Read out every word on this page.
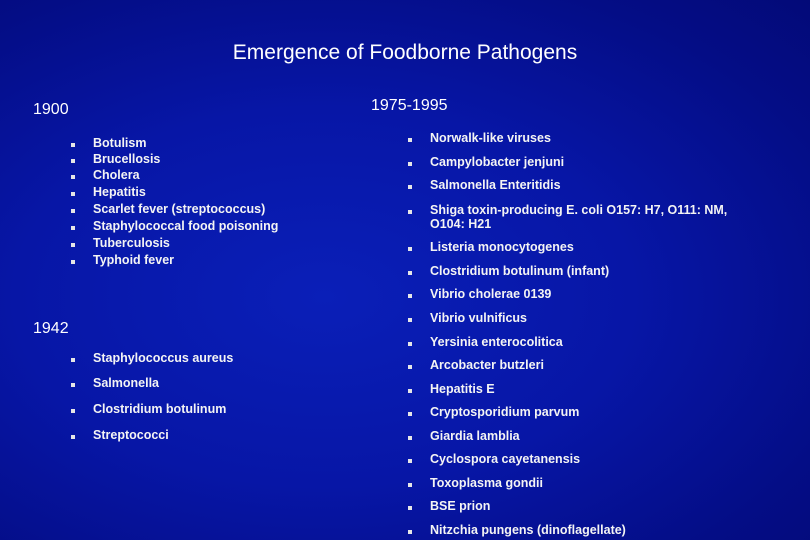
Emergence of Foodborne Pathogens
1900
Botulism
Brucellosis
Cholera
Hepatitis
Scarlet fever (streptococcus)
Staphylococcal food poisoning
Tuberculosis
Typhoid fever
1942
Staphylococcus aureus
Salmonella
Clostridium botulinum
Streptococci
1975-1995
Norwalk-like viruses
Campylobacter jenjuni
Salmonella Enteritidis
Shiga toxin-producing E. coli O157: H7, O111: NM,
O104: H21
Listeria monocytogenes
Clostridium botulinum (infant)
Vibrio cholerae 0139
Vibrio vulnificus
Yersinia enterocolitica
Arcobacter butzleri
Hepatitis E
Cryptosporidium parvum
Giardia lamblia
Cyclospora cayetanensis
Toxoplasma gondii
BSE prion
Nitzchia pungens (dinoflagellate)
